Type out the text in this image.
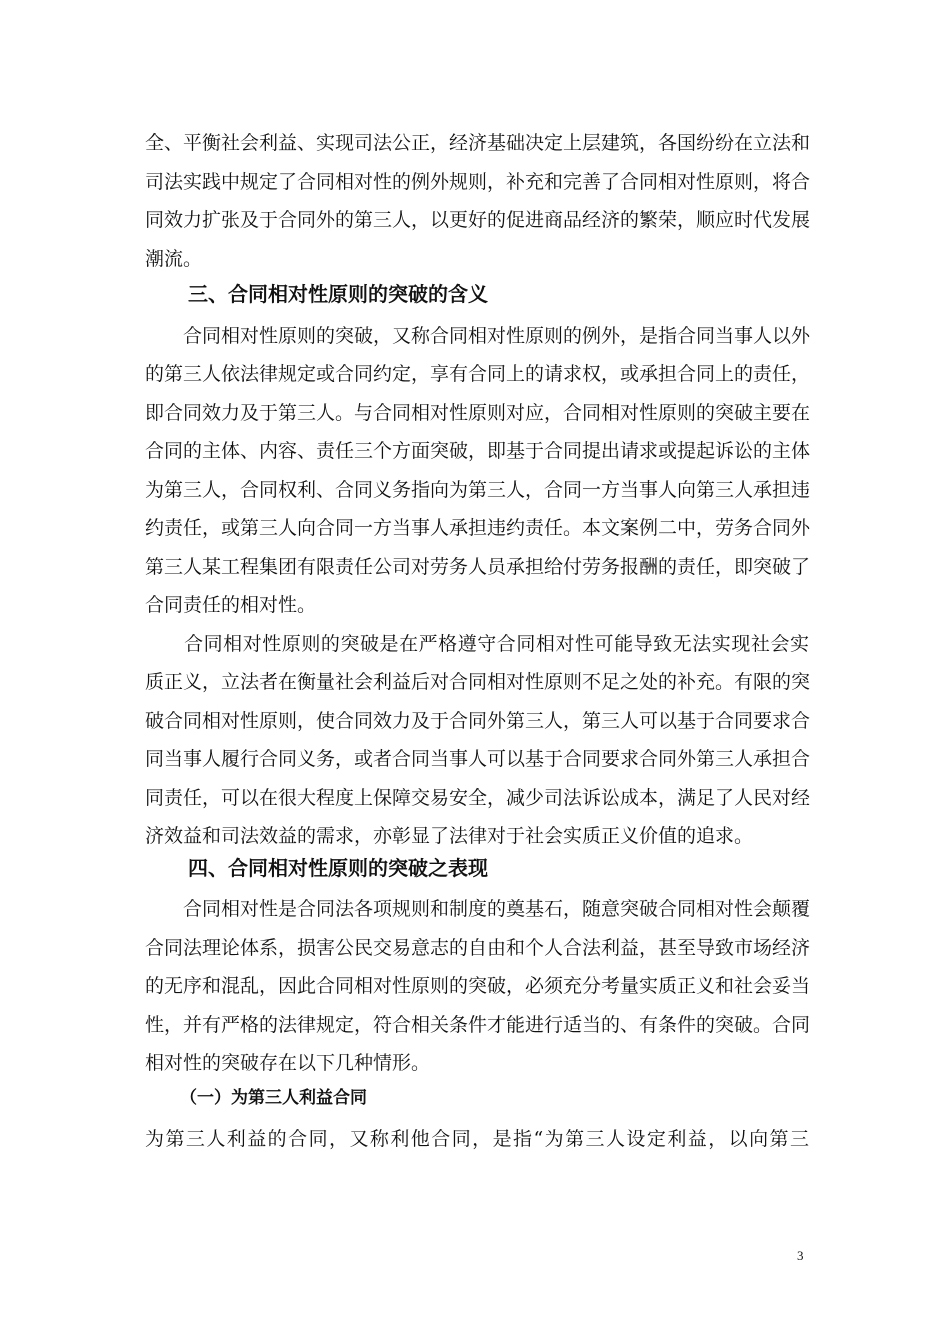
全、平衡社会利益、实现司法公正，经济基础决定上层建筑，各国纷纷在立法和
司法实践中规定了合同相对性的例外规则，补充和完善了合同相对性原则，将合
同效力扩张及于合同外的第三人，以更好的促进商品经济的繁荣，顺应时代发展
潮流。
三、合同相对性原则的突破的含义
　　合同相对性原则的突破，又称合同相对性原则的例外，是指合同当事人以外
的第三人依法律规定或合同约定，享有合同上的请求权，或承担合同上的责任，
即合同效力及于第三人。与合同相对性原则对应，合同相对性原则的突破主要在
合同的主体、内容、责任三个方面突破，即基于合同提出请求或提起诉讼的主体
为第三人，合同权利、合同义务指向为第三人，合同一方当事人向第三人承担违
约责任，或第三人向合同一方当事人承担违约责任。本文案例二中，劳务合同外
第三人某工程集团有限责任公司对劳务人员承担给付劳务报酬的责任，即突破了
合同责任的相对性。
　　合同相对性原则的突破是在严格遵守合同相对性可能导致无法实现社会实
质正义，立法者在衡量社会利益后对合同相对性原则不足之处的补充。有限的突
破合同相对性原则，使合同效力及于合同外第三人，第三人可以基于合同要求合
同当事人履行合同义务，或者合同当事人可以基于合同要求合同外第三人承担合
同责任，可以在很大程度上保障交易安全，减少司法诉讼成本，满足了人民对经
济效益和司法效益的需求，亦彰显了法律对于社会实质正义价值的追求。
四、合同相对性原则的突破之表现
　　合同相对性是合同法各项规则和制度的奠基石，随意突破合同相对性会颠覆
合同法理论体系，损害公民交易意志的自由和个人合法利益，甚至导致市场经济
的无序和混乱，因此合同相对性原则的突破，必须充分考量实质正义和社会妥当
性，并有严格的法律规定，符合相关条件才能进行适当的、有条件的突破。合同
相对性的突破存在以下几种情形。
（一）为第三人利益合同
为第三人利益的合同，又称利他合同，是指“为第三人设定利益，以向第三
3
